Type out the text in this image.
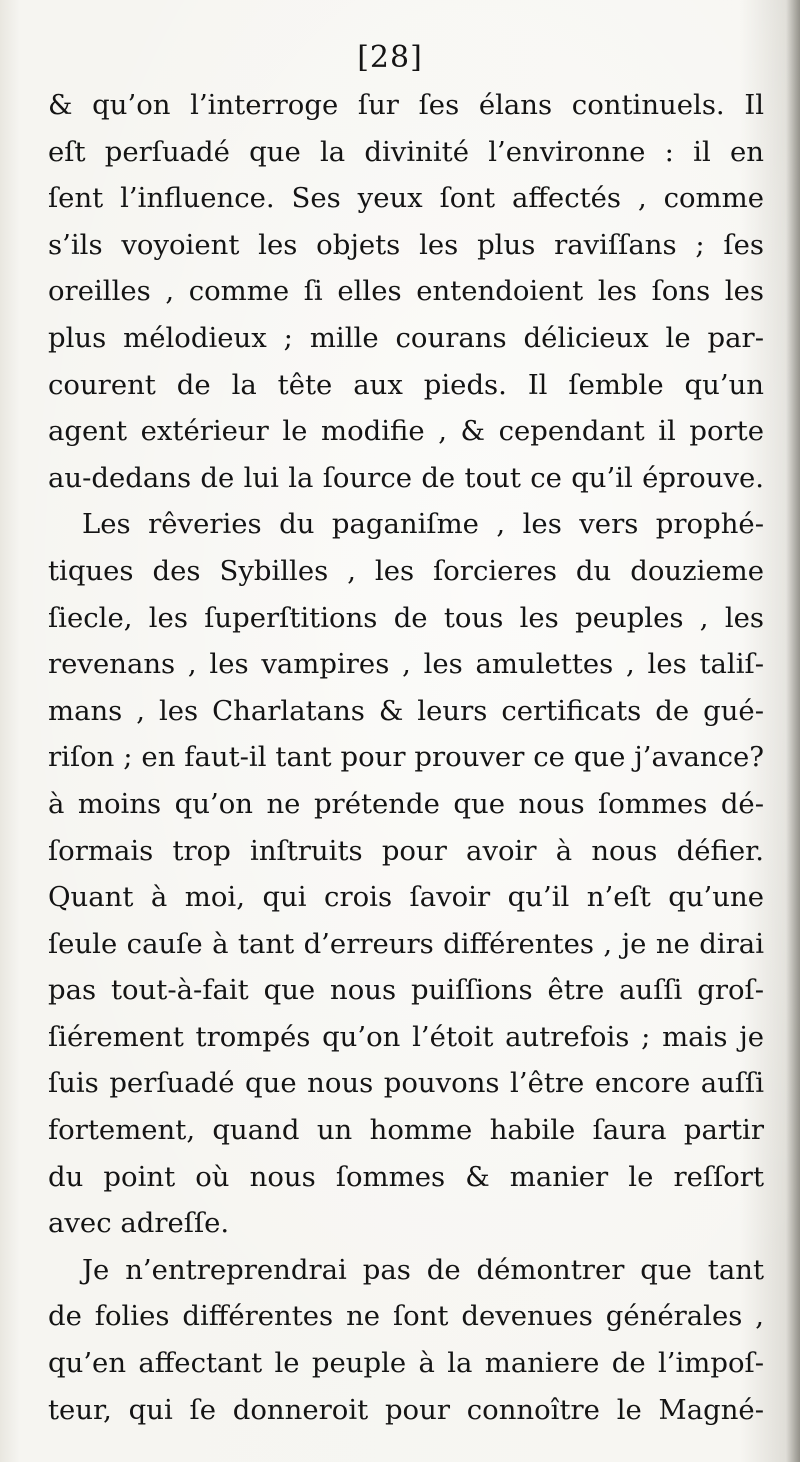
[28]
& qu’on l’interroge ſur ſes élans continuels. Il
eſt perſuadé que la divinité l’environne : il en
ſent l’influence. Ses yeux ſont affectés , comme
s’ils voyoient les objets les plus raviſſans ; ſes
oreilles , comme ſi elles entendoient les ſons les
plus mélodieux ; mille courans délicieux le par-
courent de la tête aux pieds. Il ſemble qu’un
agent extérieur le modifie , & cependant il porte
au-dedans de lui la ſource de tout ce qu’il éprouve.
Les rêveries du paganiſme , les vers prophé-
tiques des Sybilles , les ſorcieres du douzieme
ſiecle, les ſuperſtitions de tous les peuples , les
revenans , les vampires , les amulettes , les taliſ-
mans , les Charlatans & leurs certificats de gué-
riſon ; en faut-il tant pour prouver ce que j’avance?
à moins qu’on ne prétende que nous ſommes dé-
ſormais trop inſtruits pour avoir à nous défier.
Quant à moi, qui crois ſavoir qu’il n’eſt qu’une
ſeule cauſe à tant d’erreurs différentes , je ne dirai
pas tout-à-fait que nous puiſſions être auſſi groſ-
ſiérement trompés qu’on l’étoit autrefois ; mais je
ſuis perſuadé que nous pouvons l’être encore auſſi
fortement, quand un homme habile ſaura partir
du point où nous ſommes & manier le reſſort
avec adreſſe.
Je n’entreprendrai pas de démontrer que tant
de folies différentes ne ſont devenues générales ,
qu’en affectant le peuple à la maniere de l’impoſ-
teur, qui ſe donneroit pour connoître le Magné-
